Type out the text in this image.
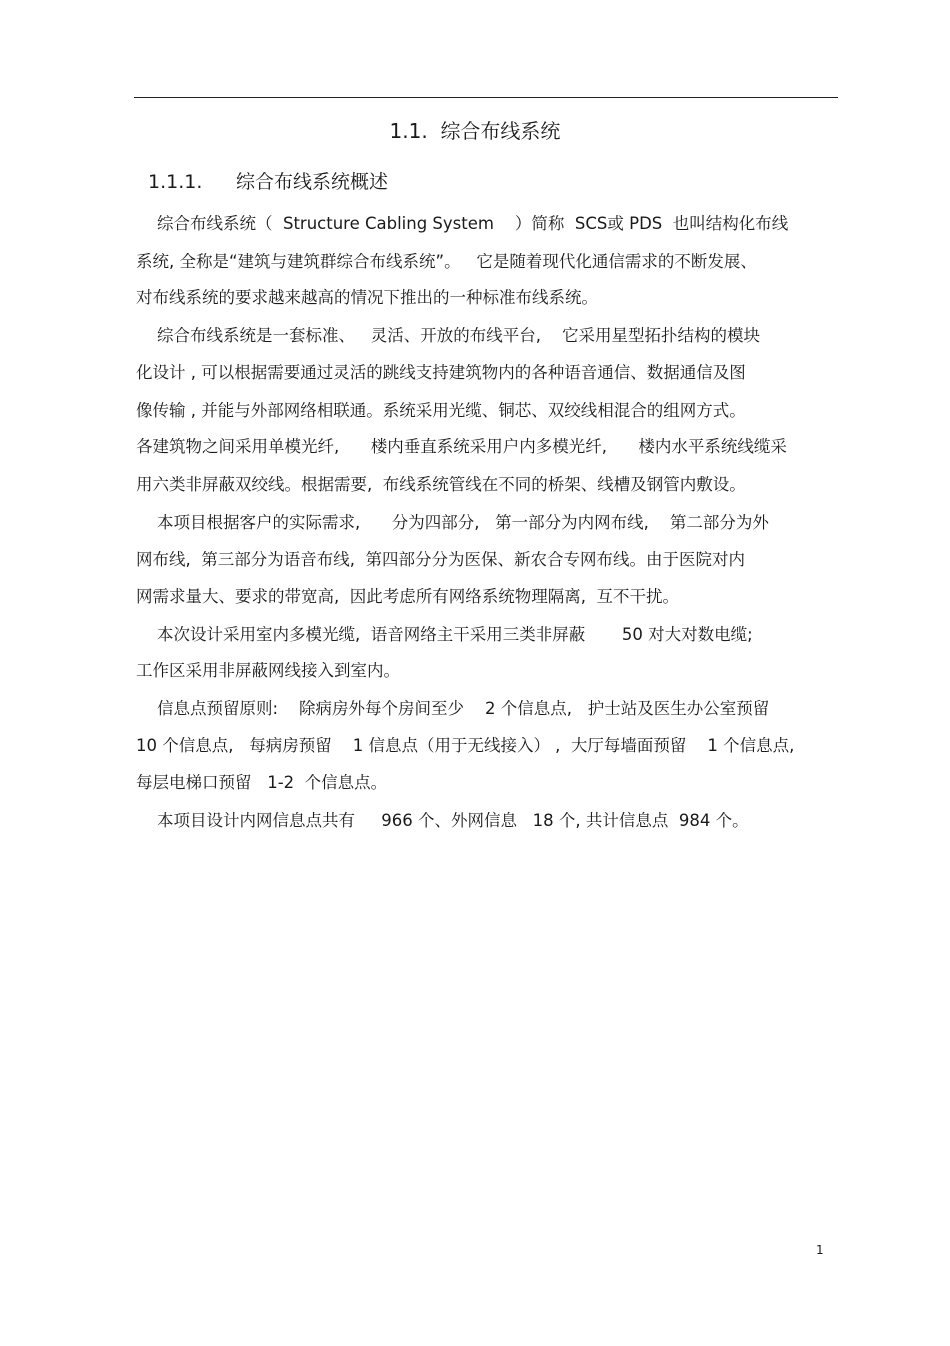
1.1. 综合布线系统
1.1.1. 综合布线系统概述
综合布线系统（  Structure Cabling System    ）简称  SCS或 PDS  也叫结构化布线
系统, 全称是“建筑与建筑群综合布线系统”。   它是随着现代化通信需求的不断发展、
对布线系统的要求越来越高的情况下推出的一种标准布线系统。
综合布线系统是一套标准、   灵活、开放的布线平台,    它采用星型拓扑结构的模块
化设计 , 可以根据需要通过灵活的跳线支持建筑物内的各种语音通信、数据通信及图
像传输 , 并能与外部网络相联通。系统采用光缆、铜芯、双绞线相混合的组网方式。
各建筑物之间采用单模光纤,      楼内垂直系统采用户内多模光纤,      楼内水平系统线缆采
用六类非屏蔽双绞线。根据需要,  布线系统管线在不同的桥架、线槽及钢管内敷设。
本项目根据客户的实际需求,      分为四部分,   第一部分为内网布线,    第二部分为外
网布线,  第三部分为语音布线,  第四部分分为医保、新农合专网布线。由于医院对内
网需求量大、要求的带宽高,  因此考虑所有网络系统物理隔离,  互不干扰。
本次设计采用室内多模光缆,  语音网络主干采用三类非屏蔽       50 对大对数电缆;
工作区采用非屏蔽网线接入到室内。
信息点预留原则:    除病房外每个房间至少    2 个信息点,   护士站及医生办公室预留
10 个信息点,   每病房预留    1 信息点（用于无线接入） ,  大厅每墙面预留    1 个信息点,
每层电梯口预留   1-2  个信息点。
本项目设计内网信息点共有     966 个、外网信息   18 个, 共计信息点  984 个。
1
